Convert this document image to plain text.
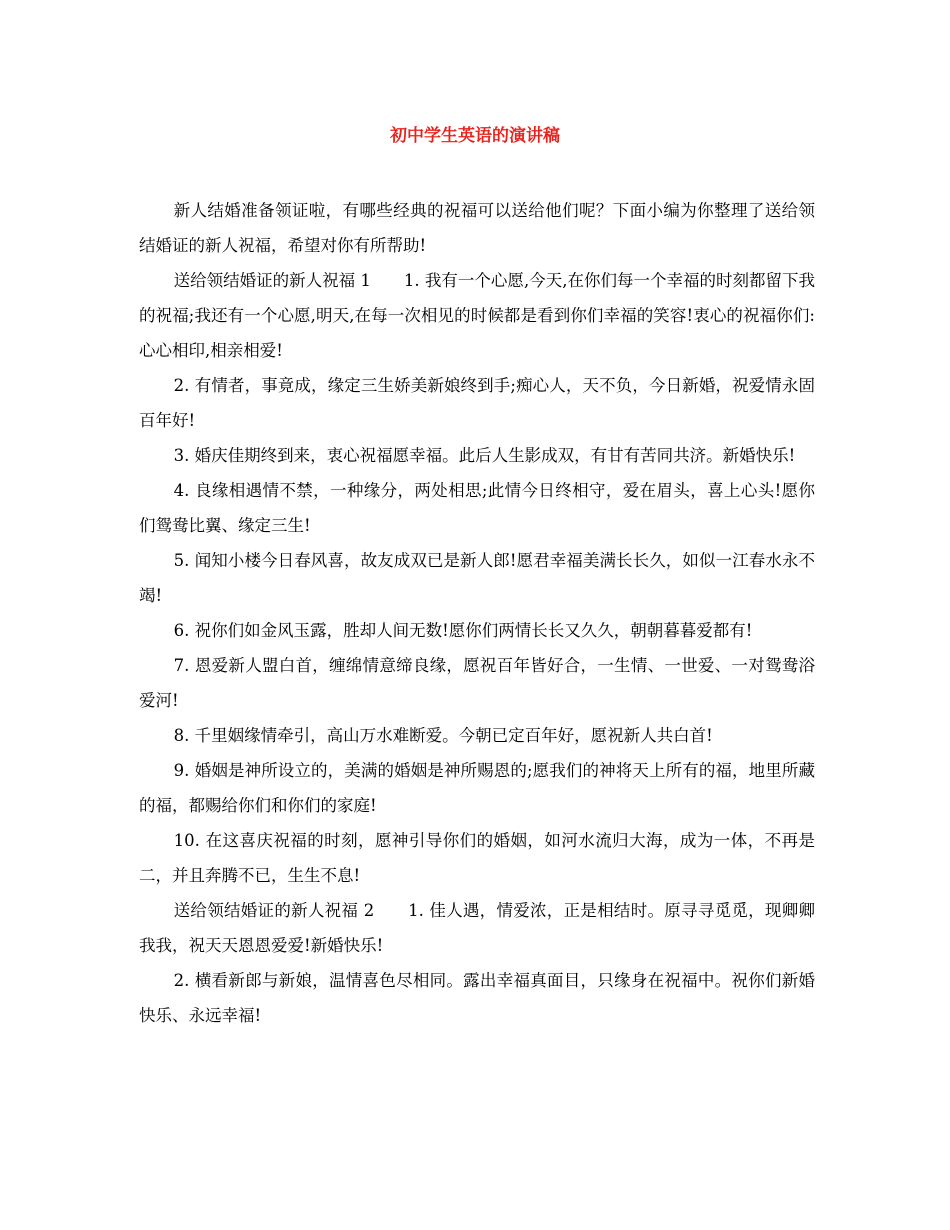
初中学生英语的演讲稿

新人结婚准备领证啦，有哪些经典的祝福可以送给他们呢？下面小编为你整理了送给领结婚证的新人祝福，希望对你有所帮助!

送给领结婚证的新人祝福 1　　1. 我有一个心愿,今天,在你们每一个幸福的时刻都留下我的祝福;我还有一个心愿,明天,在每一次相见的时候都是看到你们幸福的笑容!衷心的祝福你们:心心相印,相亲相爱!

2. 有情者，事竟成，缘定三生娇美新娘终到手;痴心人，天不负，今日新婚，祝爱情永固百年好!

3. 婚庆佳期终到来，衷心祝福愿幸福。此后人生影成双，有甘有苦同共济。新婚快乐!

4. 良缘相遇情不禁，一种缘分，两处相思;此情今日终相守，爱在眉头，喜上心头!愿你们鸳鸯比翼、缘定三生!

5. 闻知小楼今日春风喜，故友成双已是新人郎!愿君幸福美满长长久，如似一江春水永不竭!

6. 祝你们如金风玉露，胜却人间无数!愿你们两情长长又久久，朝朝暮暮爱都有!

7. 恩爱新人盟白首，缠绵情意缔良缘，愿祝百年皆好合，一生情、一世爱、一对鸳鸯浴爱河!

8. 千里姻缘情牵引，高山万水难断爱。今朝已定百年好，愿祝新人共白首!

9. 婚姻是神所设立的，美满的婚姻是神所赐恩的;愿我们的神将天上所有的福，地里所藏的福，都赐给你们和你们的家庭!

10. 在这喜庆祝福的时刻，愿神引导你们的婚姻，如河水流归大海，成为一体，不再是 二，并且奔腾不已，生生不息!

送给领结婚证的新人祝福 2　　1. 佳人遇，情爱浓，正是相结时。原寻寻觅觅，现卿卿我我，祝天天恩恩爱爱!新婚快乐!

2. 横看新郎与新娘，温情喜色尽相同。露出幸福真面目，只缘身在祝福中。祝你们新婚快乐、永远幸福!
